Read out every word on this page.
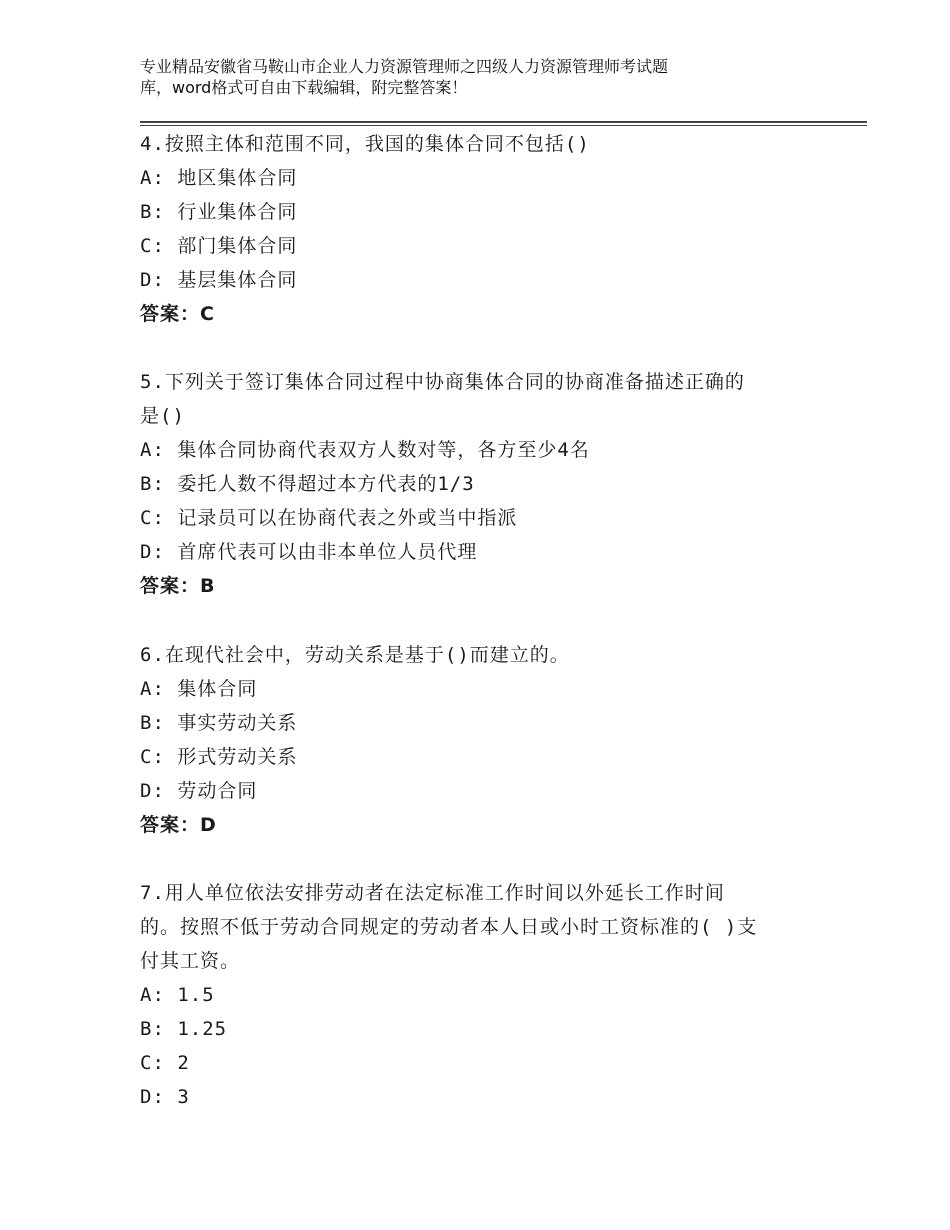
专业精品安徽省马鞍山市企业人力资源管理师之四级人力资源管理师考试题
库，word格式可自由下载编辑，附完整答案！
4.按照主体和范围不同，我国的集体合同不包括()
A: 地区集体合同
B: 行业集体合同
C: 部门集体合同
D: 基层集体合同
答案：C
5.下列关于签订集体合同过程中协商集体合同的协商准备描述正确的
是()
A: 集体合同协商代表双方人数对等，各方至少4名
B: 委托人数不得超过本方代表的1/3
C: 记录员可以在协商代表之外或当中指派
D: 首席代表可以由非本单位人员代理
答案：B
6.在现代社会中，劳动关系是基于()而建立的。
A: 集体合同
B: 事实劳动关系
C: 形式劳动关系
D: 劳动合同
答案：D
7.用人单位依法安排劳动者在法定标准工作时间以外延长工作时间
的。按照不低于劳动合同规定的劳动者本人日或小时工资标准的( )支
付其工资。
A: 1.5
B: 1.25
C: 2
D: 3
